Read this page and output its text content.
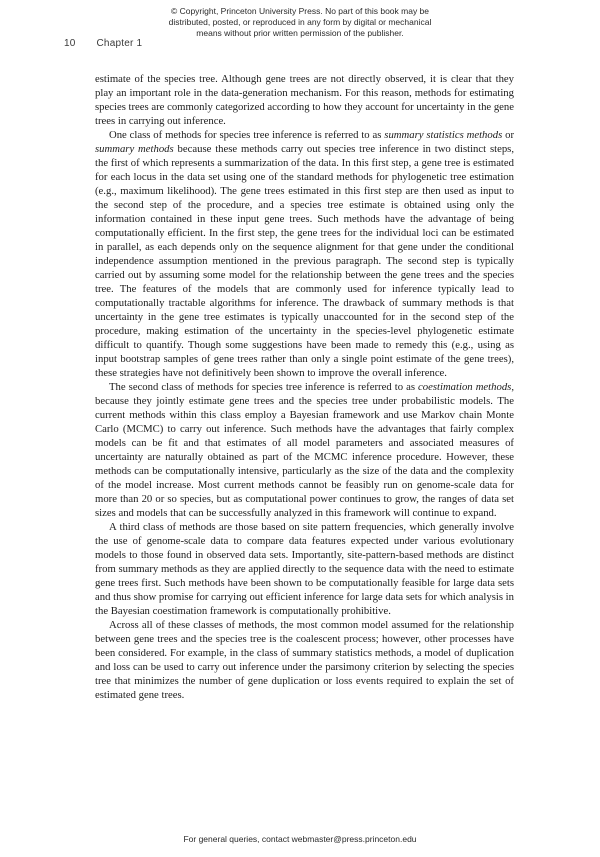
© Copyright, Princeton University Press. No part of this book may be distributed, posted, or reproduced in any form by digital or mechanical means without prior written permission of the publisher.
10 Chapter 1

estimate of the species tree. Although gene trees are not directly observed, it is clear that they play an important role in the data-generation mechanism. For this reason, methods for estimating species trees are commonly categorized according to how they account for uncertainty in the gene trees in carrying out inference.

One class of methods for species tree inference is referred to as summary statistics methods or summary methods because these methods carry out species tree inference in two distinct steps, the first of which represents a summarization of the data. In this first step, a gene tree is estimated for each locus in the data set using one of the standard methods for phylogenetic tree estimation (e.g., maximum likelihood). The gene trees estimated in this first step are then used as input to the second step of the procedure, and a species tree estimate is obtained using only the information contained in these input gene trees. Such methods have the advantage of being computationally efficient. In the first step, the gene trees for the individual loci can be estimated in parallel, as each depends only on the sequence alignment for that gene under the conditional independence assumption mentioned in the previous paragraph. The second step is typically carried out by assuming some model for the relationship between the gene trees and the species tree. The features of the models that are commonly used for inference typically lead to computationally tractable algorithms for inference. The drawback of summary methods is that uncertainty in the gene tree estimates is typically unaccounted for in the second step of the procedure, making estimation of the uncertainty in the species-level phylogenetic estimate difficult to quantify. Though some suggestions have been made to remedy this (e.g., using as input bootstrap samples of gene trees rather than only a single point estimate of the gene trees), these strategies have not definitively been shown to improve the overall inference.

The second class of methods for species tree inference is referred to as coestimation methods, because they jointly estimate gene trees and the species tree under probabilistic models. The current methods within this class employ a Bayesian framework and use Markov chain Monte Carlo (MCMC) to carry out inference. Such methods have the advantages that fairly complex models can be fit and that estimates of all model parameters and associated measures of uncertainty are naturally obtained as part of the MCMC inference procedure. However, these methods can be computationally intensive, particularly as the size of the data and the complexity of the model increase. Most current methods cannot be feasibly run on genome-scale data for more than 20 or so species, but as computational power continues to grow, the ranges of data set sizes and models that can be successfully analyzed in this framework will continue to expand.

A third class of methods are those based on site pattern frequencies, which generally involve the use of genome-scale data to compare data features expected under various evolutionary models to those found in observed data sets. Importantly, site-pattern-based methods are distinct from summary methods as they are applied directly to the sequence data with the need to estimate gene trees first. Such methods have been shown to be computationally feasible for large data sets and thus show promise for carrying out efficient inference for large data sets for which analysis in the Bayesian coestimation framework is computationally prohibitive.

Across all of these classes of methods, the most common model assumed for the relationship between gene trees and the species tree is the coalescent process; however, other processes have been considered. For example, in the class of summary statistics methods, a model of duplication and loss can be used to carry out inference under the parsimony criterion by selecting the species tree that minimizes the number of gene duplication or loss events required to explain the set of estimated gene trees.

For general queries, contact webmaster@press.princeton.edu
